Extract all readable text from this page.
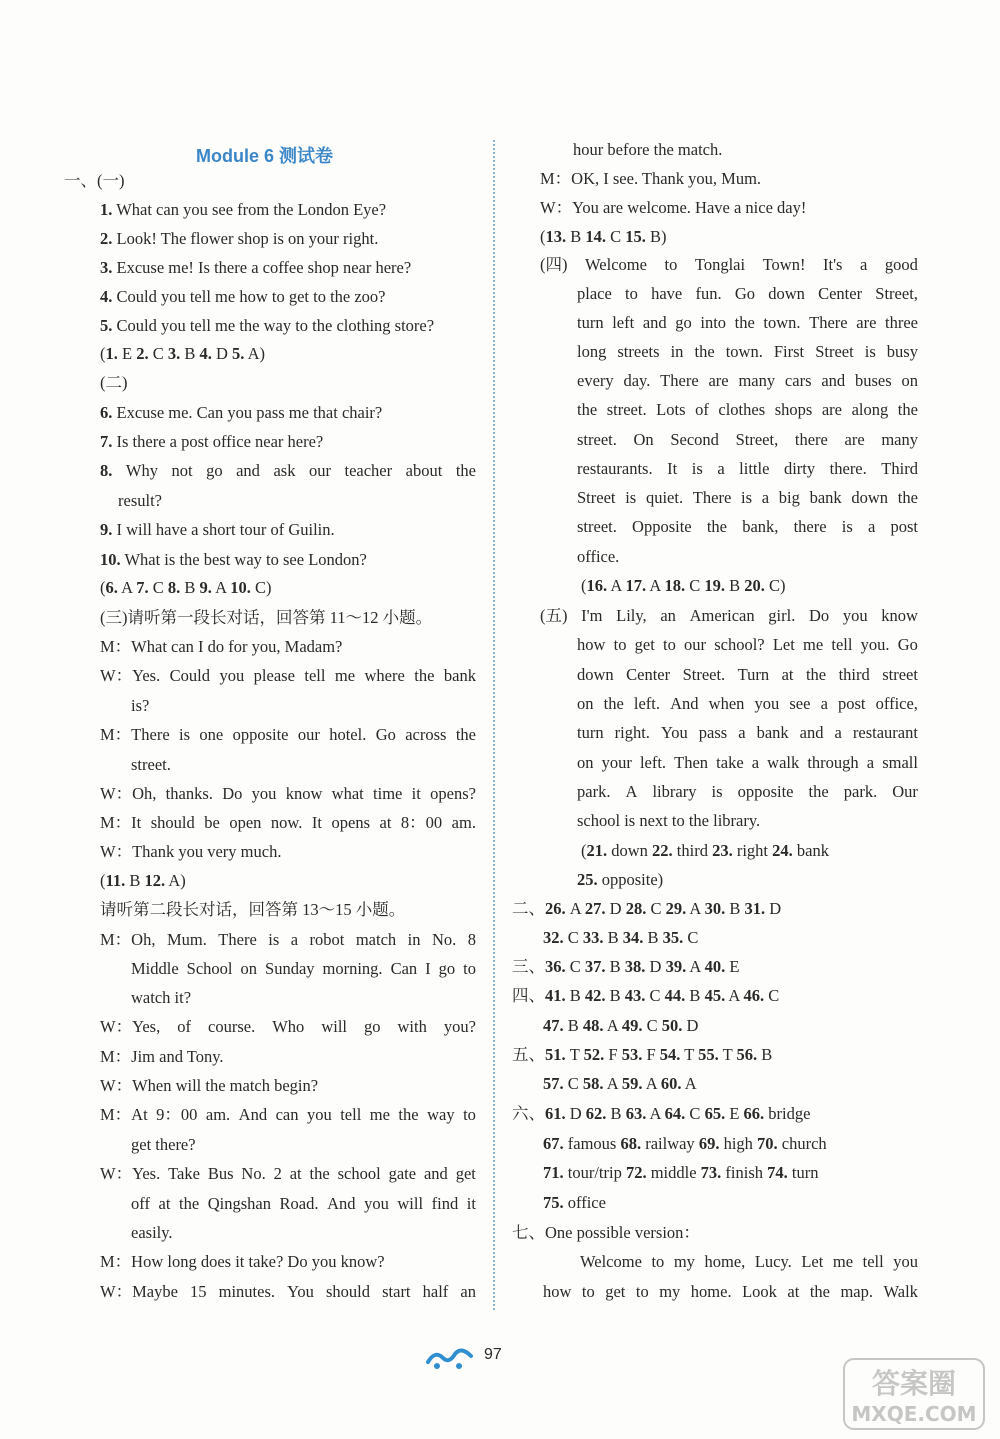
Module 6 测试卷
一、(一)
1. What can you see from the London Eye?
2. Look! The flower shop is on your right.
3. Excuse me! Is there a coffee shop near here?
4. Could you tell me how to get to the zoo?
5. Could you tell me the way to the clothing store?
(1. E 2. C 3. B 4. D 5. A)
(二)
6. Excuse me. Can you pass me that chair?
7. Is there a post office near here?
8. Why not go and ask our teacher about the
result?
9. I will have a short tour of Guilin.
10. What is the best way to see London?
(6. A 7. C 8. B 9. A 10. C)
(三)请听第一段长对话，回答第 11～12 小题。
M：What can I do for you, Madam?
W：Yes. Could you please tell me where the bank
is?
M：There is one opposite our hotel. Go across the
street.
W：Oh, thanks. Do you know what time it opens?
M：It should be open now. It opens at 8：00 am.
W：Thank you very much.
(11. B 12. A)
请听第二段长对话，回答第 13～15 小题。
M：Oh, Mum. There is a robot match in No. 8
Middle School on Sunday morning. Can I go to
watch it?
W：Yes, of course. Who will go with you?
M：Jim and Tony.
W：When will the match begin?
M：At 9：00 am. And can you tell me the way to
get there?
W：Yes. Take Bus No. 2 at the school gate and get
off at the Qingshan Road. And you will find it
easily.
M：How long does it take? Do you know?
W：Maybe 15 minutes. You should start half an
hour before the match.
M：OK, I see. Thank you, Mum.
W：You are welcome. Have a nice day!
(13. B 14. C 15. B)
(四) Welcome to Tonglai Town! It's a good
place to have fun. Go down Center Street,
turn left and go into the town. There are three
long streets in the town. First Street is busy
every day. There are many cars and buses on
the street. Lots of clothes shops are along the
street. On Second Street, there are many
restaurants. It is a little dirty there. Third
Street is quiet. There is a big bank down the
street. Opposite the bank, there is a post
office.
(16. A 17. A 18. C 19. B 20. C)
(五) I'm Lily, an American girl. Do you know
how to get to our school? Let me tell you. Go
down Center Street. Turn at the third street
on the left. And when you see a post office,
turn right. You pass a bank and a restaurant
on your left. Then take a walk through a small
park. A library is opposite the park. Our
school is next to the library.
(21. down 22. third 23. right 24. bank
25. opposite)
二、26. A 27. D 28. C 29. A 30. B 31. D
32. C 33. B 34. B 35. C
三、36. C 37. B 38. D 39. A 40. E
四、41. B 42. B 43. C 44. B 45. A 46. C
47. B 48. A 49. C 50. D
五、51. T 52. F 53. F 54. T 55. T 56. B
57. C 58. A 59. A 60. A
六、61. D 62. B 63. A 64. C 65. E 66. bridge
67. famous 68. railway 69. high 70. church
71. tour/trip 72. middle 73. finish 74. turn
75. office
七、One possible version：
Welcome to my home, Lucy. Let me tell you
how to get to my home. Look at the map. Walk
97
答案圈
MXQE.COM
